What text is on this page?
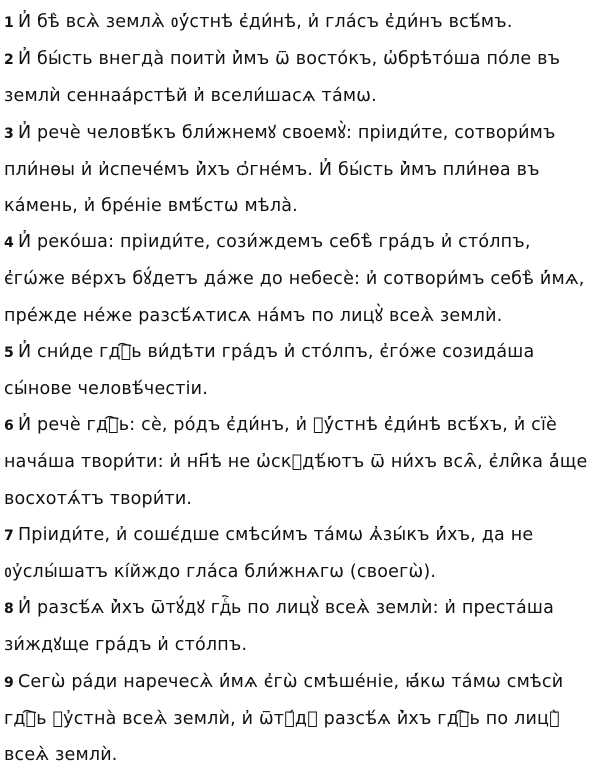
1 И҆ бѣ̀ всѧ̀ землѧ̀ ᲂу҆́стнѣ є҆ди́нѣ, и҆ гла́съ є҆ди́нъ всѣ́мъ.

2 И҆ бы́сть внегда̀ поитѝ и҆̀мъ ѿ восто́къ, ѡ҆брѣто́ша по́ле въ землѝ сеннаа́рстѣй и҆ всели́шасѧ та́мѡ.

3 И҆ речѐ человѣ́къ бли́жнемꙋ своемꙋ̀: пріиди́те, сотвори́мъ пли́нѳы и҆ и҆спече́мъ и҆̀хъ ѻ҆гне́мъ. И҆ бы́сть и҆̀мъ пли́нѳа въ ка́мень, и҆ бре́ніе вмѣ́стѡ мѣла̀.

4 И҆ реко́ша: пріиди́те, сози́ждемъ себѣ̀ гра́дъ и҆ сто́лпъ, є҆гѡ́же ве́рхъ бꙋ́детъ да́же до небесѐ: и҆ сотвори́мъ себѣ̀ и҆́мѧ, пре́жде не́же разсѣ́ѧтисѧ на́мъ по лицꙋ̀ всеѧ̀ землѝ.

5 И҆ сни́де гдⷭ҇ь ви́дѣти гра́дъ и҆ сто́лпъ, є҆го́же созида́ша сы́нове человѣ́честіи.

6 И҆ речѐ гдⷭ҇ь: сѐ, ро́дъ є҆ди́нъ, и҆ ᲂу҆́стнѣ є҆ди́нѣ всѣ́хъ, и҆ сїѐ нача́ша твори́ти: и҆ нн҃ѣ не ѡ҆скꙋдѣ́ютъ ѿ ни́хъ всѧ̑, є҆ли̑ка а҆́ще восхотѧ́тъ твори́ти.

7 Пріиди́те, и҆ сошє́дше смѣси́мъ та́мѡ ѧ҆зы́къ и҆́хъ, да не ᲂу҆слы́шатъ кі́йждо гла́са бли́жнѧгѡ (своегѡ̀).

8 И҆ разсѣ́ѧ и҆̀хъ ѿтꙋ́дꙋ гдⷭ҇ь по лицꙋ̀ всеѧ̀ землѝ: и҆ преста́ша зи́ждꙋще гра́дъ и҆ сто́лпъ.

9 Сегѡ̀ ра́ди наречесѧ̀ и҆́мѧ є҆гѡ̀ смѣше́ніе, ꙗ҆́кѡ та́мѡ смѣсѝ гдⷭ҇ь ᲂу҆стна̀ всеѧ̀ землѝ, и҆ ѿтꙋ́дꙋ разсѣ́ѧ и҆̀хъ гдⷭ҇ь по лицꙋ̀ всеѧ̀ землѝ.
